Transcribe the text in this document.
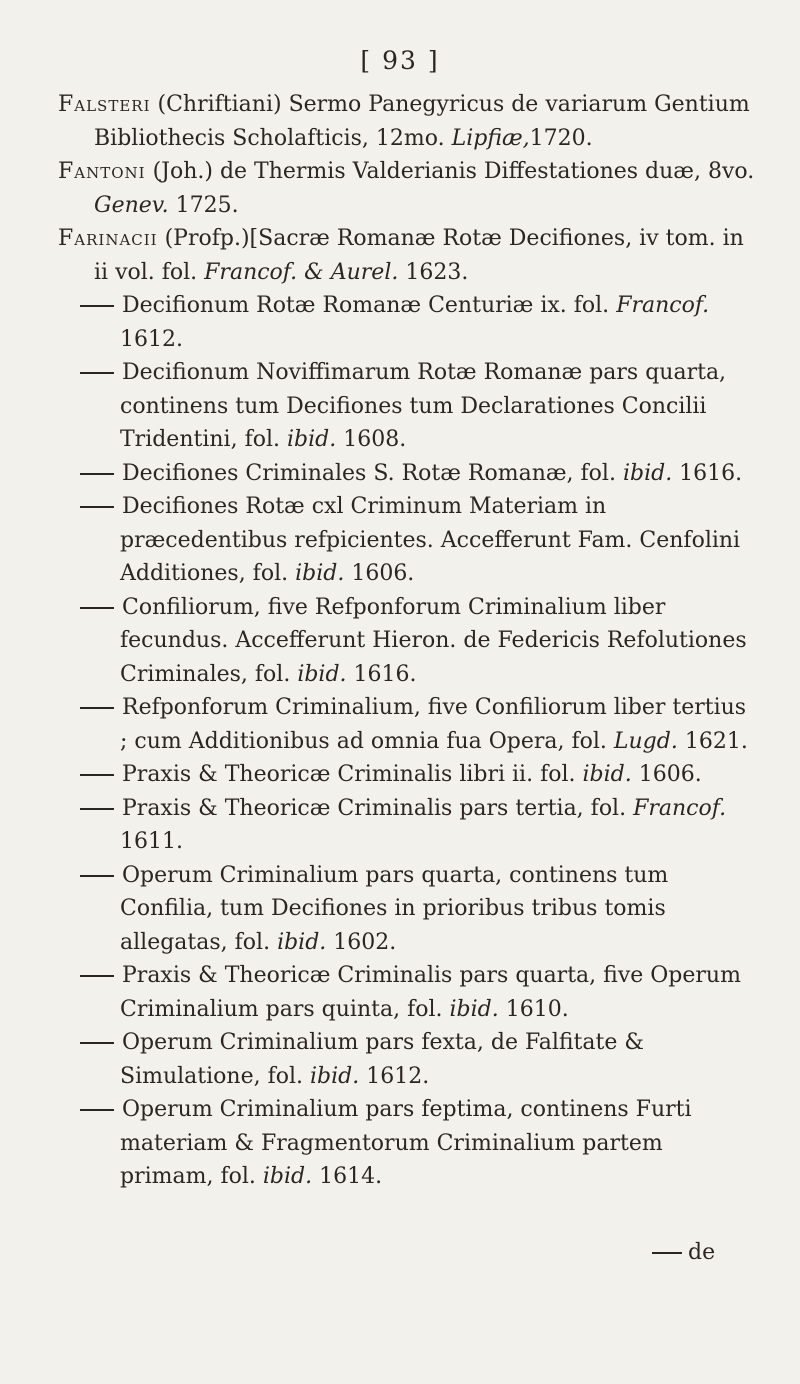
[ 93 ]
Falsteri (Chriftiani) Sermo Panegyricus de variarum Gentium Bibliothecis Scholafticis, 12mo. Lipfiæ,1720.
Fantoni (Joh.) de Thermis Valderianis Diffestationes duæ, 8vo. Genev. 1725.
Farinacii (Profp.)[Sacræ Romanæ Rotæ Decifiones, iv tom. in ii vol. fol. Francof. & Aurel. 1623.
Decifionum Rotæ Romanæ Centuriæ ix. fol. Francof. 1612.
Decifionum Noviffimarum Rotæ Romanæ pars quarta, continens tum Decifiones tum Declarationes Concilii Tridentini, fol. ibid. 1608.
Decifiones Criminales S. Rotæ Romanæ, fol. ibid. 1616.
Decifiones Rotæ cxl Criminum Materiam in præcedentibus refpicientes. Accefferunt Fam. Cenfolini Additiones, fol. ibid. 1606.
Confiliorum, five Refponforum Criminalium liber fecundus. Accefferunt Hieron. de Federicis Refolutiones Criminales, fol. ibid. 1616.
Refponforum Criminalium, five Confiliorum liber tertius ; cum Additionibus ad omnia fua Opera, fol. Lugd. 1621.
Praxis & Theoricæ Criminalis libri ii. fol. ibid. 1606.
Praxis & Theoricæ Criminalis pars tertia, fol. Francof. 1611.
Operum Criminalium pars quarta, continens tum Confilia, tum Decifiones in prioribus tribus tomis allegatas, fol. ibid. 1602.
Praxis & Theoricæ Criminalis pars quarta, five Operum Criminalium pars quinta, fol. ibid. 1610.
Operum Criminalium pars fexta, de Falfitate & Simulatione, fol. ibid. 1612.
Operum Criminalium pars feptima, continens Furti materiam & Fragmentorum Criminalium partem primam, fol. ibid. 1614.
de
